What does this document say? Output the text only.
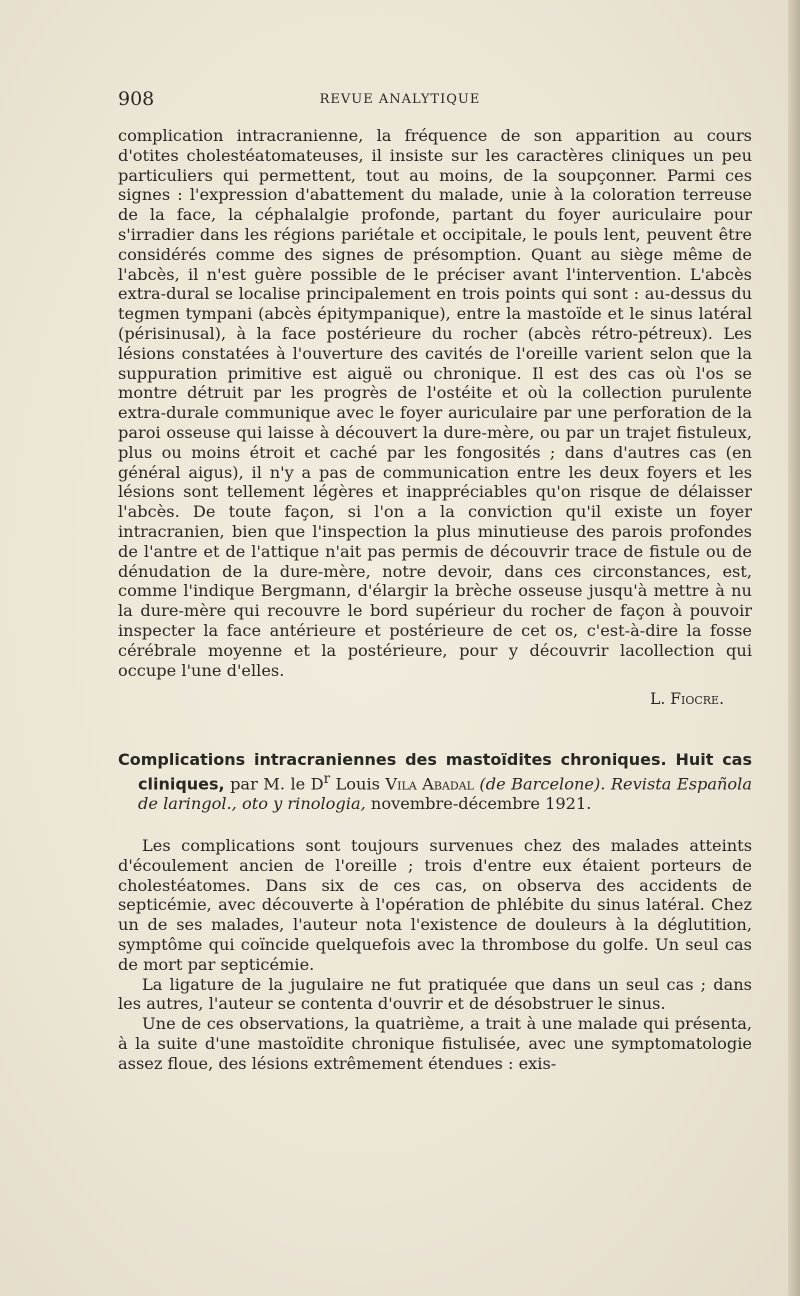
908	REVUE ANALYTIQUE

complication intracranienne, la fréquence de son apparition au cours d'otites cholestéatomateuses, il insiste sur les caractères cliniques un peu particuliers qui permettent, tout au moins, de la soupçonner. Parmi ces signes : l'expression d'abattement du malade, unie à la coloration terreuse de la face, la céphalalgie profonde, partant du foyer auriculaire pour s'irradier dans les régions pariétale et occipitale, le pouls lent, peuvent être considérés comme des signes de présomption. Quant au siège même de l'abcès, il n'est guère possible de le préciser avant l'intervention. L'abcès extra-dural se localise principalement en trois points qui sont : au-dessus du tegmen tympani (abcès épitympanique), entre la mastoïde et le sinus latéral (périsinusal), à la face postérieure du rocher (abcès rétro-pétreux). Les lésions constatées à l'ouverture des cavités de l'oreille varient selon que la suppuration primitive est aiguë ou chronique. Il est des cas où l'os se montre détruit par les progrès de l'ostéite et où la collection purulente extra-durale communique avec le foyer auriculaire par une perforation de la paroi osseuse qui laisse à découvert la dure-mère, ou par un trajet fistuleux, plus ou moins étroit et caché par les fongosités ; dans d'autres cas (en général aigus), il n'y a pas de communication entre les deux foyers et les lésions sont tellement légères et inappréciables qu'on risque de délaisser l'abcès. De toute façon, si l'on a la conviction qu'il existe un foyer intracranien, bien que l'inspection la plus minutieuse des parois profondes de l'antre et de l'attique n'ait pas permis de découvrir trace de fistule ou de dénudation de la dure-mère, notre devoir, dans ces circonstances, est, comme l'indique Bergmann, d'élargir la brèche osseuse jusqu'à mettre à nu la dure-mère qui recouvre le bord supérieur du rocher de façon à pouvoir inspecter la face antérieure et postérieure de cet os, c'est-à-dire la fosse cérébrale moyenne et la postérieure, pour y découvrir lacollection qui occupe l'une d'elles.

L. Fiocre.

Complications intracraniennes des mastoïdites chroniques. Huit cas cliniques, par M. le $D^r$ Louis Vila Abadal (de Barcelone). Revista Española de laringol., oto y rinologia, novembre-décembre 1921.

Les complications sont toujours survenues chez des malades atteints d'écoulement ancien de l'oreille ; trois d'entre eux étaient porteurs de cholestéatomes. Dans six de ces cas, on observa des accidents de septicémie, avec découverte à l'opération de phlébite du sinus latéral. Chez un de ses malades, l'auteur nota l'existence de douleurs à la déglutition, symptôme qui coïncide quelquefois avec la thrombose du golfe. Un seul cas de mort par septicémie.

La ligature de la jugulaire ne fut pratiquée que dans un seul cas ; dans les autres, l'auteur se contenta d'ouvrir et de désobstruer le sinus.

Une de ces observations, la quatrième, a trait à une malade qui présenta, à la suite d'une mastoïdite chronique fistulisée, avec une symptomatologie assez floue, des lésions extrêmement étendues : exis-
